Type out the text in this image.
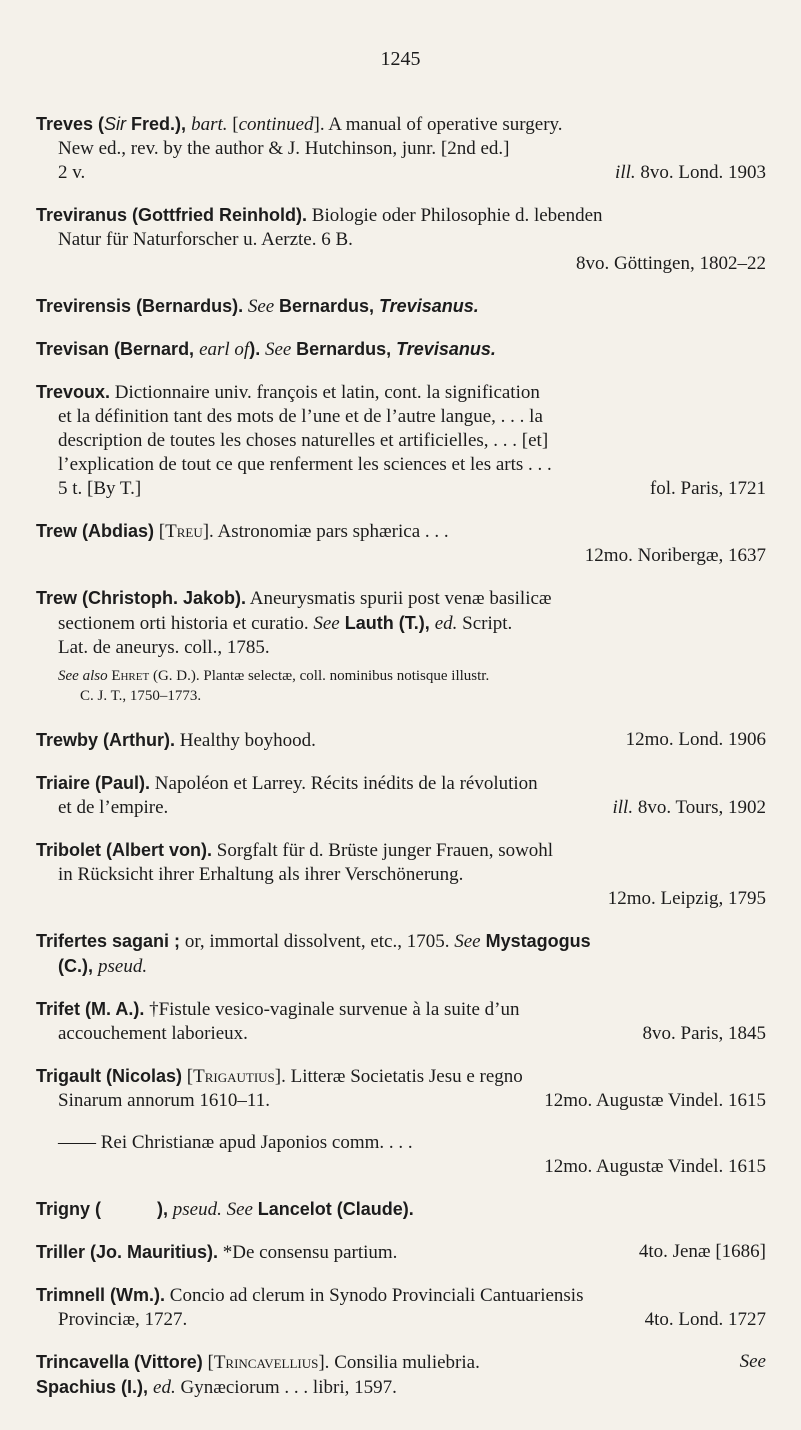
1245
Treves (Sir Fred.), bart. [continued]. A manual of operative surgery.
New ed., rev. by the author & J. Hutchinson, junr. [2nd ed.]
2 v.	ill. 8vo. Lond. 1903
Treviranus (Gottfried Reinhold). Biologie oder Philosophie d. lebenden
Natur für Naturforscher u. Aerzte. 6 B.
8vo. Göttingen, 1802–22
Trevirensis (Bernardus). See Bernardus, Trevisanus.
Trevisan (Bernard, earl of). See Bernardus, Trevisanus.
Trevoux. Dictionnaire univ. françois et latin, cont. la signification
et la définition tant des mots de l’une et de l’autre langue, . . . la
description de toutes les choses naturelles et artificielles, . . . [et]
l’explication de tout ce que renferment les sciences et les arts . . .
5 t. [By T.]	fol. Paris, 1721
Trew (Abdias) [Treu]. Astronomiæ pars sphærica . . .
12mo. Noribergæ, 1637
Trew (Christoph. Jakob). Aneurysmatis spurii post venæ basilicæ
sectionem orti historia et curatio. See Lauth (T.), ed. Script.
Lat. de aneurys. coll., 1785.
See also Ehret (G. D.). Plantæ selectæ, coll. nominibus notisque illustr.
C. J. T., 1750–1773.
Trewby (Arthur). Healthy boyhood.	12mo. Lond. 1906
Triaire (Paul). Napoléon et Larrey. Récits inédits de la révolution
et de l’empire.	ill. 8vo. Tours, 1902
Tribolet (Albert von). Sorgfalt für d. Brüste junger Frauen, sowohl
in Rücksicht ihrer Erhaltung als ihrer Verschönerung.
12mo. Leipzig, 1795
Trifertes sagani ; or, immortal dissolvent, etc., 1705. See Mystagogus
(C.), pseud.
Trifet (M. A.). †Fistule vesico-vaginale survenue à la suite d’un
accouchement laborieux.	8vo. Paris, 1845
Trigault (Nicolas) [Trigautius]. Litteræ Societatis Jesu e regno
Sinarum annorum 1610–11.	12mo. Augustæ Vindel. 1615
—— Rei Christianæ apud Japonios comm. . . .
12mo. Augustæ Vindel. 1615
Trigny (	), pseud. See Lancelot (Claude).
Triller (Jo. Mauritius). *De consensu partium.	4to. Jenæ [1686]
Trimnell (Wm.). Concio ad clerum in Synodo Provinciali Cantuariensis
Provinciæ, 1727.	4to. Lond. 1727
Trincavella (Vittore) [Trincavellius]. Consilia muliebria.	See
Spachius (I.), ed. Gynæciorum . . . libri, 1597.
